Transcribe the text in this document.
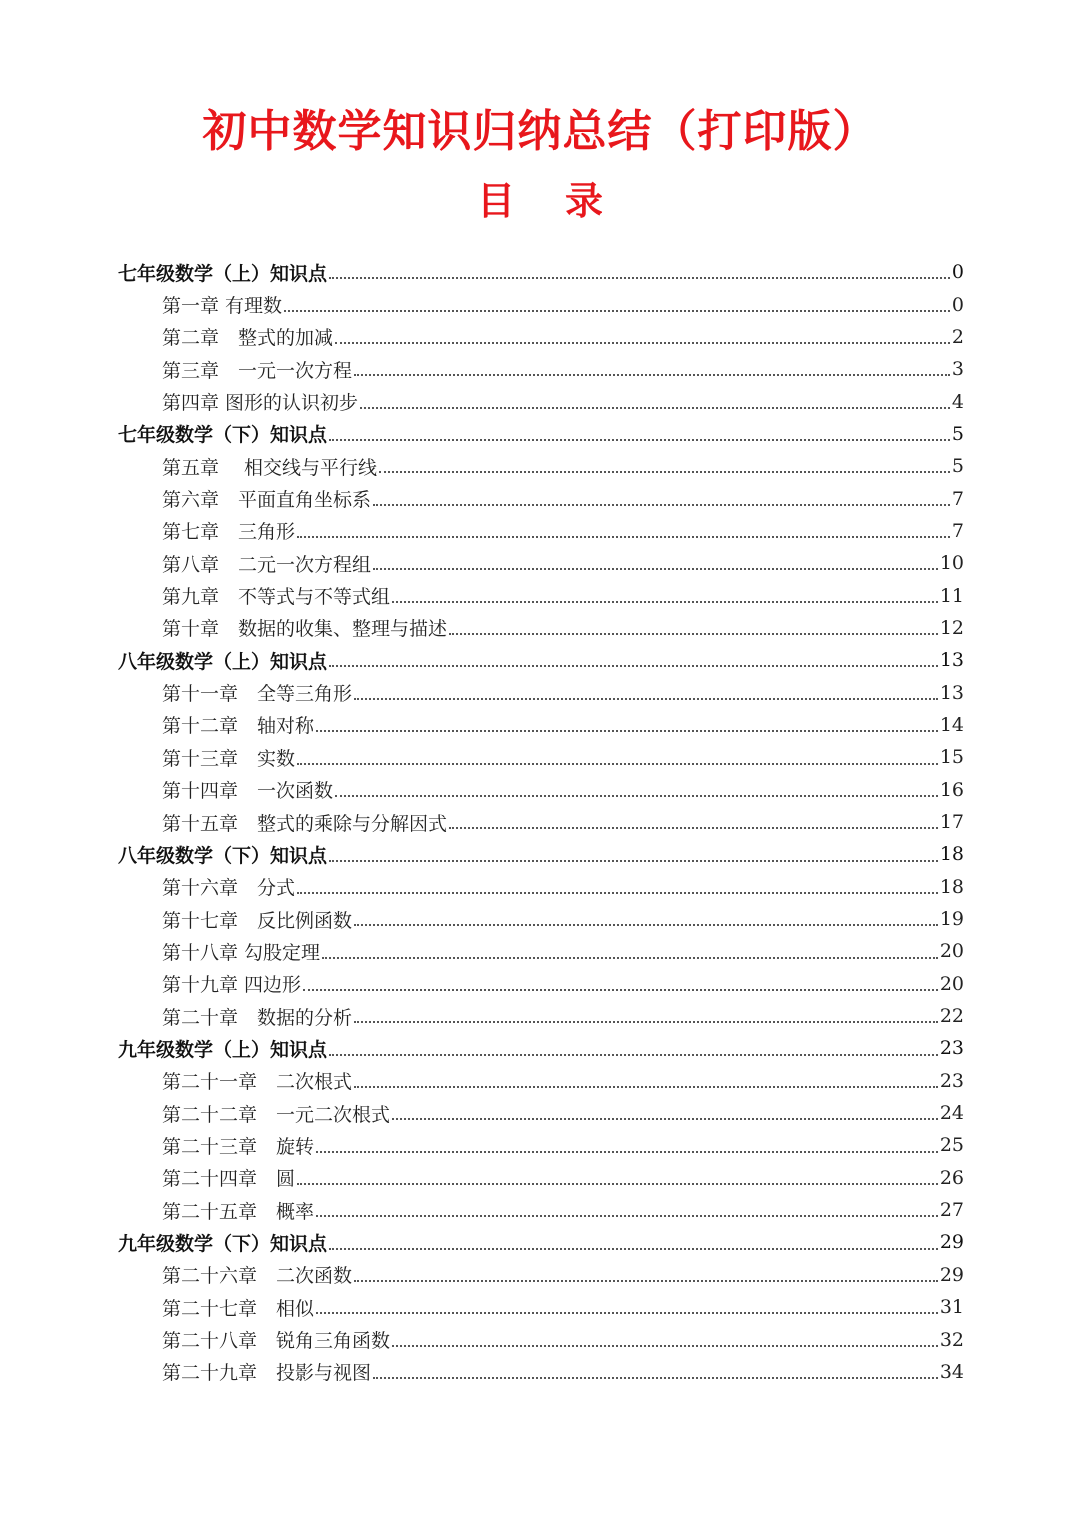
初中数学知识归纳总结（打印版）
目录
七年级数学（上）知识点	0
第一章 有理数	0
第二章　整式的加减	2
第三章　一元一次方程	3
第四章 图形的认识初步	4
七年级数学（下）知识点	5
第五章　 相交线与平行线	5
第六章　平面直角坐标系	7
第七章　三角形	7
第八章　二元一次方程组	10
第九章　不等式与不等式组	11
第十章　数据的收集、整理与描述	12
八年级数学（上）知识点	13
第十一章　全等三角形	13
第十二章　轴对称	14
第十三章　实数	15
第十四章　一次函数	16
第十五章　整式的乘除与分解因式	17
八年级数学（下）知识点	18
第十六章　分式	18
第十七章　反比例函数	19
第十八章 勾股定理	20
第十九章 四边形	20
第二十章　数据的分析	22
九年级数学（上）知识点	23
第二十一章　二次根式	23
第二十二章　一元二次根式	24
第二十三章　旋转	25
第二十四章　圆	26
第二十五章　概率	27
九年级数学（下）知识点	29
第二十六章　二次函数	29
第二十七章　相似	31
第二十八章　锐角三角函数	32
第二十九章　投影与视图	34
